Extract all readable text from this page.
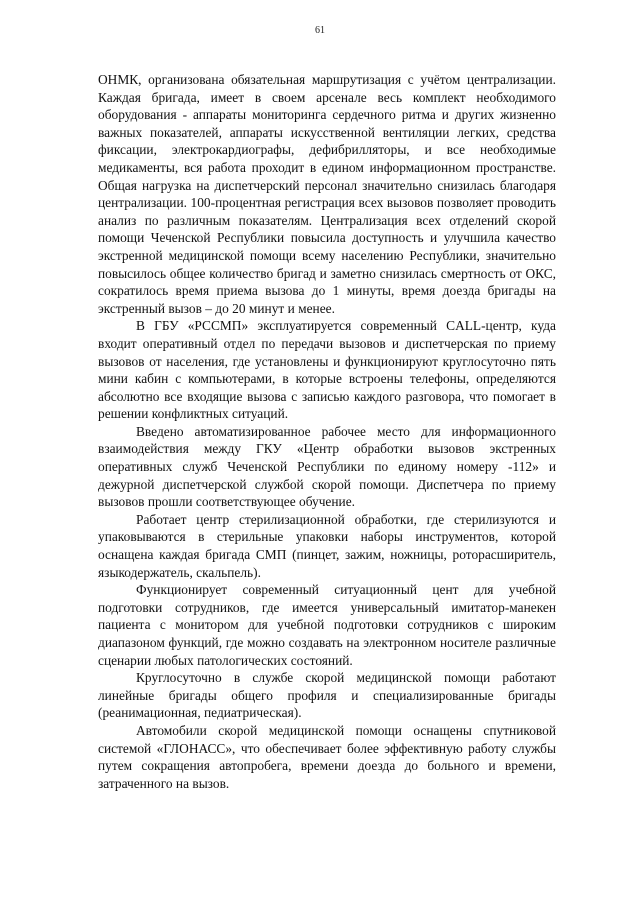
61

ОНМК, организована обязательная маршрутизация с учётом централизации. Каждая бригада, имеет в своем арсенале весь комплект необходимого оборудования - аппараты мониторинга сердечного ритма и других жизненно важных показателей, аппараты искусственной вентиляции легких, средства фиксации, электрокардиографы, дефибрилляторы, и все необходимые медикаменты, вся работа проходит в едином информационном пространстве. Общая нагрузка на диспетчерский персонал значительно снизилась благодаря централизации. 100-процентная регистрация всех вызовов позволяет проводить анализ по различным показателям. Централизация всех отделений скорой помощи Чеченской Республики повысила доступность и улучшила качество экстренной медицинской помощи всему населению Республики, значительно повысилось общее количество бригад и заметно снизилась смертность от ОКС, сократилось время приема вызова до 1 минуты, время доезда бригады на экстренный вызов – до 20 минут и менее.

В ГБУ «РССМП» эксплуатируется современный CALL-центр, куда входит оперативный отдел по передачи вызовов и диспетчерская по приему вызовов от населения, где установлены и функционируют круглосуточно пять мини кабин с компьютерами, в которые встроены телефоны, определяются абсолютно все входящие вызова с записью каждого разговора, что помогает в решении конфликтных ситуаций.

Введено автоматизированное рабочее место для информационного взаимодействия между ГКУ «Центр обработки вызовов экстренных оперативных служб Чеченской Республики по единому номеру -112» и дежурной диспетчерской службой скорой помощи. Диспетчера по приему вызовов прошли соответствующее обучение.

Работает центр стерилизационной обработки, где стерилизуются и упаковываются в стерильные упаковки наборы инструментов, которой оснащена каждая бригада СМП (пинцет, зажим, ножницы, роторасширитель, языкодержатель, скальпель).

Функционирует современный ситуационный цент для учебной подготовки сотрудников, где имеется универсальный имитатор-манекен пациента с монитором для учебной подготовки сотрудников с широким диапазоном функций, где можно создавать на электронном носителе различные сценарии любых патологических состояний.

Круглосуточно в службе скорой медицинской помощи работают линейные бригады общего профиля и специализированные бригады (реанимационная, педиатрическая).

Автомобили скорой медицинской помощи оснащены спутниковой системой «ГЛОНАСС», что обеспечивает более эффективную работу службы путем сокращения автопробега, времени доезда до больного и времени, затраченного на вызов.
